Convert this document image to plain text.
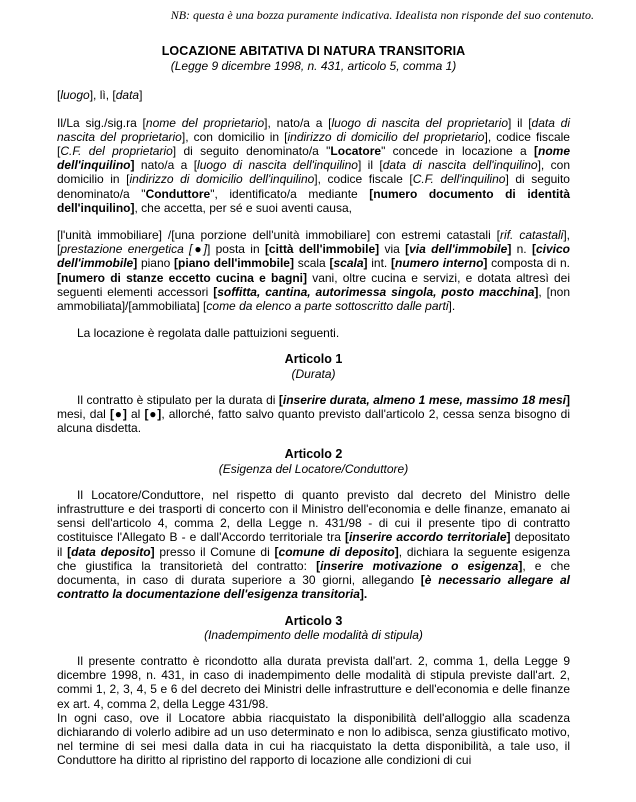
NB: questa è una bozza puramente indicativa. Idealista non risponde del suo contenuto.

LOCAZIONE ABITATIVA DI NATURA TRANSITORIA

(Legge 9 dicembre 1998, n. 431, articolo 5, comma 1)

[luogo], lì, [data]

Il/La sig./sig.ra [nome del proprietario], nato/a a [luogo di nascita del proprietario] il [data di nascita del proprietario], con domicilio in [indirizzo di domicilio del proprietario], codice fiscale [C.F. del proprietario] di seguito denominato/a "Locatore" concede in locazione a [nome dell'inquilino] nato/a a [luogo di nascita dell'inquilino] il [data di nascita dell'inquilino], con domicilio in [indirizzo di domicilio dell'inquilino], codice fiscale [C.F. dell'inquilino] di seguito denominato/a "Conduttore", identificato/a mediante [numero documento di identità dell'inquilino], che accetta, per sé e suoi aventi causa,

[l'unità immobiliare] /[una porzione dell'unità immobiliare] con estremi catastali [rif. catastali], [prestazione energetica [●]] posta in [città dell'immobile] via [via dell'immobile] n. [civico dell'immobile] piano [piano dell'immobile] scala [scala] int. [numero interno] composta di n. [numero di stanze eccetto cucina e bagni] vani, oltre cucina e servizi, e dotata altresì dei seguenti elementi accessori [soffitta, cantina, autorimessa singola, posto macchina], [non ammobiliata]/[ammobiliata] [come da elenco a parte sottoscritto dalle parti].

La locazione è regolata dalle pattuizioni seguenti.

Articolo 1

(Durata)

Il contratto è stipulato per la durata di [inserire durata, almeno 1 mese, massimo 18 mesi] mesi, dal [●] al [●], allorché, fatto salvo quanto previsto dall'articolo 2, cessa senza bisogno di alcuna disdetta.

Articolo 2

(Esigenza del Locatore/Conduttore)

Il Locatore/Conduttore, nel rispetto di quanto previsto dal decreto del Ministro delle infrastrutture e dei trasporti di concerto con il Ministro dell'economia e delle finanze, emanato ai sensi dell'articolo 4, comma 2, della Legge n. 431/98 - di cui il presente tipo di contratto costituisce l'Allegato B - e dall'Accordo territoriale tra [inserire accordo territoriale] depositato il [data deposito] presso il Comune di [comune di deposito], dichiara la seguente esigenza che giustifica la transitorietà del contratto: [inserire motivazione o esigenza], e che documenta, in caso di durata superiore a 30 giorni, allegando [è necessario allegare al contratto la documentazione dell'esigenza transitoria].

Articolo 3

(Inadempimento delle modalità di stipula)

Il presente contratto è ricondotto alla durata prevista dall'art. 2, comma 1, della Legge 9 dicembre 1998, n. 431, in caso di inadempimento delle modalità di stipula previste dall'art. 2, commi 1, 2, 3, 4, 5 e 6 del decreto dei Ministri delle infrastrutture e dell'economia e delle finanze ex art. 4, comma 2, della Legge 431/98.

In ogni caso, ove il Locatore abbia riacquistato la disponibilità dell'alloggio alla scadenza dichiarando di volerlo adibire ad un uso determinato e non lo adibisca, senza giustificato motivo, nel termine di sei mesi dalla data in cui ha riacquistato la detta disponibilità, a tale uso, il Conduttore ha diritto al ripristino del rapporto di locazione alle condizioni di cui
